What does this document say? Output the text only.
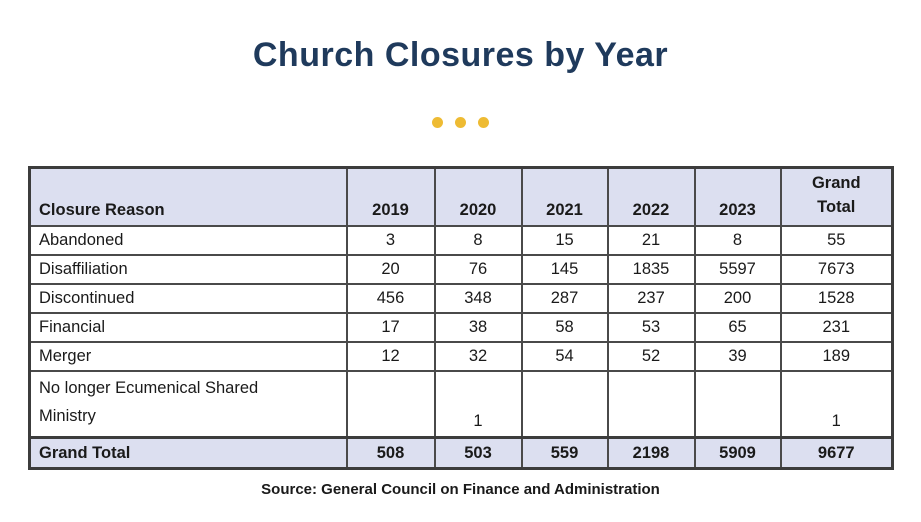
Church Closures by Year
Closure Reason	2019	2020	2021	2022	2023	Grand Total
Abandoned	3	8	15	21	8	55
Disaffiliation	20	76	145	1835	5597	7673
Discontinued	456	348	287	237	200	1528
Financial	17	38	58	53	65	231
Merger	12	32	54	52	39	189
No longer Ecumenical Shared Ministry		1				1
Grand Total	508	503	559	2198	5909	9677
Source: General Council on Finance and Administration
